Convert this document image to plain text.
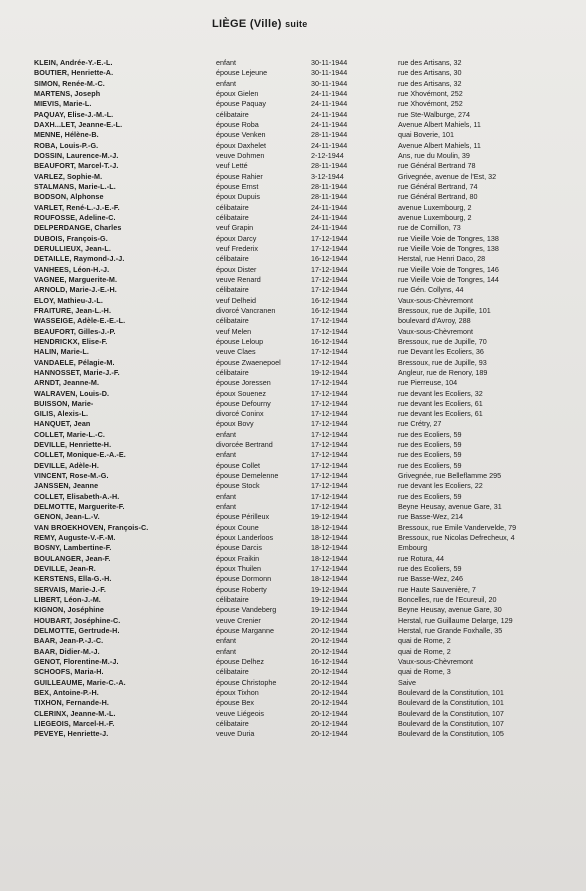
LIÈGE (Ville) suite
KLEIN, Andrée-Y.-E.-L.	enfant	30-11-1944	rue des Artisans, 32
BOUTIER, Henriette-A.	épouse Lejeune	30-11-1944	rue des Artisans, 30
SIMON, Renée-M.-C.	enfant	30-11-1944	rue des Artisans, 32
MARTENS, Joseph	époux Gielen	24-11-1944	rue Xhovémont, 252
MIEVIS, Marie-L.	épouse Paquay	24-11-1944	rue Xhovémont, 252
PAQUAY, Elise-J.-M.-L.	célibataire	24-11-1944	rue Ste-Walburge, 274
DAXH...LET, Jeanne-E.-L.	épouse Roba	24-11-1944	Avenue Albert Mahiels, 11
MENNE, Hélène-B.	épouse Venken	28-11-1944	quai Boverie, 101
ROBA, Louis-P.-G.	époux Daxhelet	24-11-1944	Avenue Albert Mahiels, 11
DOSSIN, Laurence-M.-J.	veuve Dohmen	2-12-1944	Ans, rue du Moulin, 39
BEAUFORT, Marcel-T.-J.	veuf Letté	28-11-1944	rue Général Bertrand 78
VARLEZ, Sophie-M.	épouse Rahier	3-12-1944	Grivegnée, avenue de l'Est, 32
STALMANS, Marie-L.-L.	épouse Ernst	28-11-1944	rue Général Bertrand, 74
BODSON, Alphonse	époux Dupuis	28-11-1944	rue Général Bertrand, 80
VARLET, René-L.-J.-E.-F.	célibataire	24-11-1944	avenue Luxembourg, 2
ROUFOSSE, Adeline-C.	célibataire	24-11-1944	avenue Luxembourg, 2
DELPERDANGE, Charles	veuf Grapin	24-11-1944	rue de Cornillon, 73
DUBOIS, François-G.	époux Darcy	17-12-1944	rue Vieille Voie de Tongres, 138
DERULLIEUX, Jean-L.	veuf Frederix	17-12-1944	rue Vieille Voie de Tongres, 138
DETAILLE, Raymond-J.-J.	célibataire	16-12-1944	Herstal, rue Henri Daco, 28
VANHEES, Léon-H.-J.	époux Dister	17-12-1944	rue Vieille Voie de Tongres, 146
VAGNEE, Marguerite-M.	veuve Renard	17-12-1944	rue Vieille Voie de Tongres, 144
ARNOLD, Marie-J.-E.-H.	célibataire	17-12-1944	rue Gén. Collyns, 44
ELOY, Mathieu-J.-L.	veuf Delheid	16-12-1944	Vaux-sous-Chèvremont
FRAITURE, Jean-L.-H.	divorcé Vancranen	16-12-1944	Bressoux, rue de Jupille, 101
WASSEIGE, Adèle-E.-E.-L.	célibataire	17-12-1944	boulevard d'Avroy, 288
BEAUFORT, Gilles-J.-P.	veuf Melen	17-12-1944	Vaux-sous-Chèvremont
HENDRICKX, Elise-F.	épouse Leloup	16-12-1944	Bressoux, rue de Jupille, 70
HALIN, Marie-L.	veuve Claes	17-12-1944	rue Devant les Ecoliers, 36
VANDAELE, Pélagie-M.	épouse Zwaenepoel	17-12-1944	Bressoux, rue de Jupille, 93
HANNOSSET, Marie-J.-F.	célibataire	19-12-1944	Angleur, rue de Renory, 189
ARNDT, Jeanne-M.	épouse Joressen	17-12-1944	rue Pierreuse, 104
WALRAVEN, Louis-D.	époux Souenez	17-12-1944	rue devant les Ecoliers, 32
BUISSON, Marie-	épouse Defourny	17-12-1944	rue devant les Ecoliers, 61
GILIS, Alexis-L.	divorcé Coninx	17-12-1944	rue devant les Ecoliers, 61
HANQUET, Jean	époux Bovy	17-12-1944	rue Crétry, 27
COLLET, Marie-L.-C.	enfant	17-12-1944	rue des Ecoliers, 59
DEVILLE, Henriette-H.	divorcée Bertrand	17-12-1944	rue des Ecoliers, 59
COLLET, Monique-E.-A.-E.	enfant	17-12-1944	rue des Ecoliers, 59
DEVILLE, Adèle-H.	épouse Collet	17-12-1944	rue des Ecoliers, 59
VINCENT, Rose-M.-G.	épouse Demelenne	17-12-1944	Grivegnée, rue Belleflamme 295
JANSSEN, Jeanne	épouse Stock	17-12-1944	rue devant les Ecoliers, 22
COLLET, Elisabeth-A.-H.	enfant	17-12-1944	rue des Ecoliers, 59
DELMOTTE, Marguerite-F.	enfant	17-12-1944	Beyne Heusay, avenue Gare, 31
GENON, Jean-L.-V.	épouse Périlleux	19-12-1944	rue Basse-Wez, 214
VAN BROEKHOVEN, François-C.	époux Coune	18-12-1944	Bressoux, rue Emile Vandervelde, 79
REMY, Auguste-V.-F.-M.	époux Landerloos	18-12-1944	Bressoux, rue Nicolas Defrecheux, 4
BOSNY, Lambertine-F.	épouse Darcis	18-12-1944	Embourg
BOULANGER, Jean-F.	époux Fraikin	18-12-1944	rue Rotura, 44
DEVILLE, Jean-R.	époux Thuilen	17-12-1944	rue des Ecoliers, 59
KERSTENS, Ella-G.-H.	épouse Dormonn	18-12-1944	rue Basse-Wez, 246
SERVAIS, Marie-J.-F.	épouse Roberty	19-12-1944	rue Haute Sauvenière, 7
LIBERT, Léon-J.-M.	célibataire	19-12-1944	Boncelles, rue de l'Ecureuil, 20
KIGNON, Joséphine	épouse Vandeberg	19-12-1944	Beyne Heusay, avenue Gare, 30
HOUBART, Joséphine-C.	veuve Crenier	20-12-1944	Herstal, rue Guillaume Delarge, 129
DELMOTTE, Gertrude-H.	épouse Marganne	20-12-1944	Herstal, rue Grande Foxhalle, 35
BAAR, Jean-P.-J.-C.	enfant	20-12-1944	quai de Rome, 2
BAAR, Didier-M.-J.	enfant	20-12-1944	quai de Rome, 2
GENOT, Florentine-M.-J.	épouse Delhez	16-12-1944	Vaux-sous-Chèvremont
SCHOOFS, Maria-H.	célibataire	20-12-1944	quai de Rome, 3
GUILLEAUME, Marie-C.-A.	épouse Christophe	20-12-1944	Saive
BEX, Antoine-P.-H.	époux Tixhon	20-12-1944	Boulevard de la Constitution, 101
TIXHON, Fernande-H.	épouse Bex	20-12-1944	Boulevard de la Constitution, 101
CLERINX, Jeanne-M.-L.	veuve Liégeois	20-12-1944	Boulevard de la Constitution, 107
LIEGEOIS, Marcel-H.-F.	célibataire	20-12-1944	Boulevard de la Constitution, 107
PEVEYE, Henriette-J.	veuve Duria	20-12-1944	Boulevard de la Constitution, 105
